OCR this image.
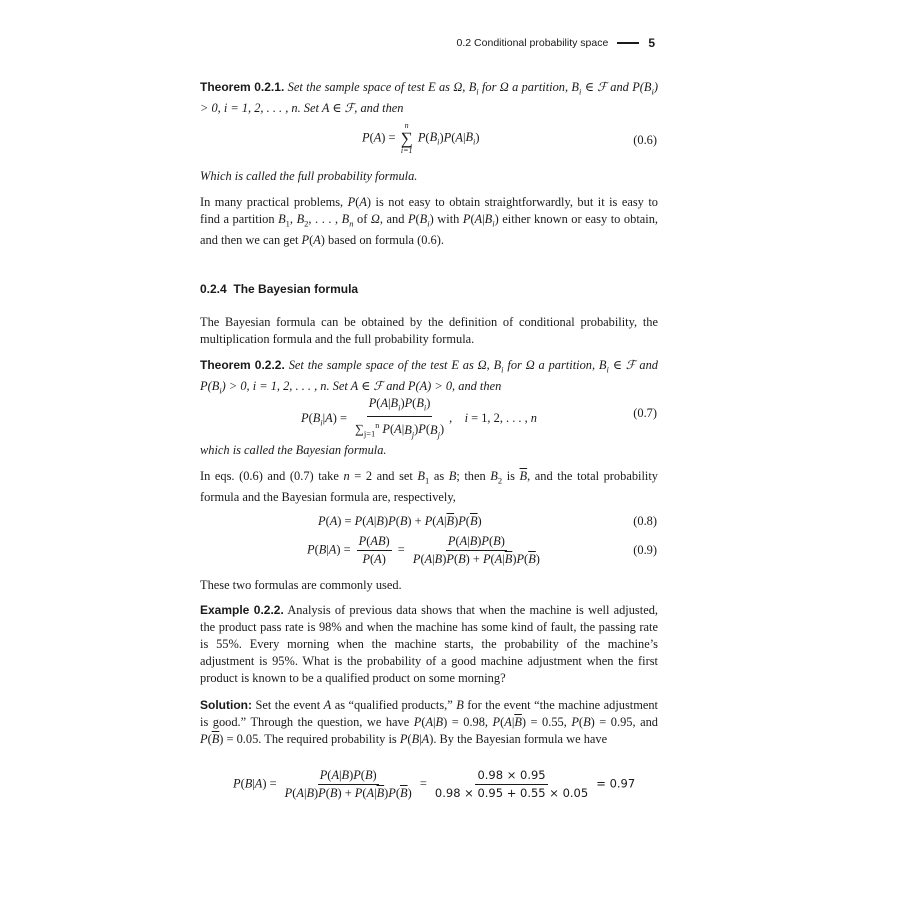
0.2 Conditional probability space	5
Theorem 0.2.1. Set the sample space of test E as Ω, $B_i$ for Ω a partition, $B_i$ ∈ ℱ and $P(B_i) > 0$, i = 1, 2, . . . , n. Set A ∈ ℱ, and then
P(A) =
n
∑
i=1
$P(B_i)P(A|B_i)$	(0.6)
Which is called the full probability formula.
In many practical problems, P(A) is not easy to obtain straightforwardly, but it is easy to find a partition $B_1$, $B_2$, . . . , $B_n$ of Ω, and $P(B_i)$ with $P(A|B_i)$ either known or easy to obtain, and then we can get P(A) based on formula (0.6).
0.2.4 The Bayesian formula
The Bayesian formula can be obtained by the definition of conditional probability, the multiplication formula and the full probability formula.
Theorem 0.2.2. Set the sample space of the test E as Ω, $B_i$ for Ω a partition, $B_i$ ∈ ℱ and $P(B_i) > 0$, i = 1, 2, . . . , n. Set A ∈ ℱ and P(A) > 0, and then
$P(B_i|A) = \frac{P(A|B_i)P(B_i)}{\sum_{j=1}^n P(A|B_j)P(B_j)}$ ,    i = 1, 2, . . . , n	(0.7)
which is called the Bayesian formula.
In eqs. (0.6) and (0.7) take n = 2 and set $B_1$ as B; then $B_2$ is $\overline{B}$, and the total probability formula and the Bayesian formula are, respectively,
$P(A) = P(A|B)P(B) + P(A|\overline{B})P(\overline{B})$	(0.8)
$P(B|A) = \frac{P(AB)}{P(A)} = \frac{P(A|B)P(B)}{P(A|B)P(B) + P(A|\overline{B})P(\overline{B})}$	(0.9)
These two formulas are commonly used.
Example 0.2.2. Analysis of previous data shows that when the machine is well adjusted, the product pass rate is 98% and when the machine has some kind of fault, the passing rate is 55%. Every morning when the machine starts, the probability of the machine’s adjustment is 95%. What is the probability of a good machine adjustment when the first product is known to be a qualified product on some morning?
Solution: Set the event A as “qualified products,” B for the event “the machine adjustment is good.” Through the question, we have P(A|B) = 0.98, $P(A|\overline{B}) = 0.55$, P(B) = 0.95, and $P(\overline{B}) = 0.05$. The required probability is P(B|A). By the Bayesian formula we have
$P(B|A) = \frac{P(A|B)P(B)}{P(A|B)P(B) + P(A|\overline{B})P(\overline{B})} = \frac{0.98 \times 0.95}{0.98 \times 0.95 + 0.55 \times 0.05} = 0.97$
